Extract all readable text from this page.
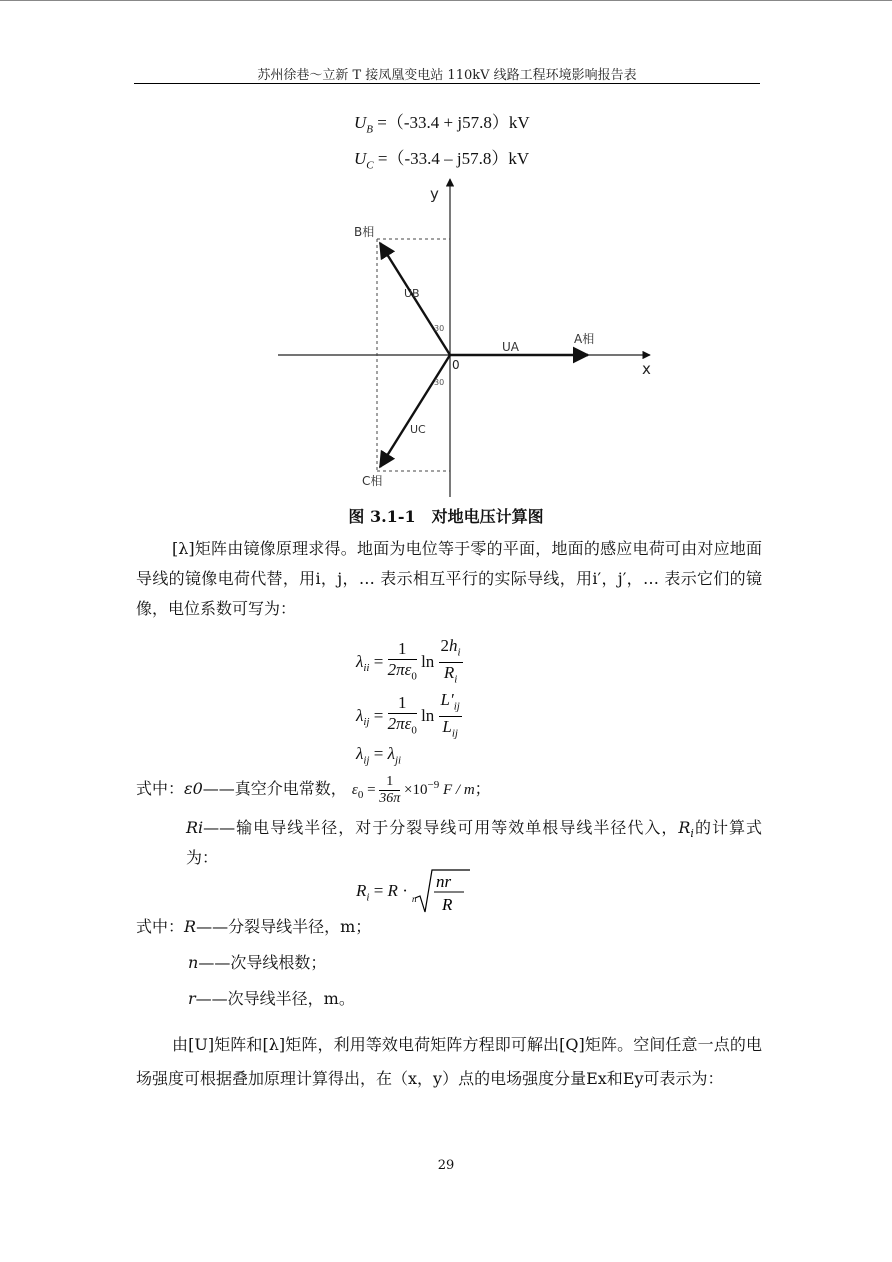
苏州徐巷～立新 T 接凤凰变电站 110kV 线路工程环境影响报告表
$U_B =(-33.4 + j57.8)kV$
$U_C =(-33.4 - j57.8)kV$
y
x
0
B相
C相
A相
UA
UB
UC
30
30
图 3.1-1　对地电压计算图
[λ]矩阵由镜像原理求得。地面为电位等于零的平面，地面的感应电荷可由对应地面导线的镜像电荷代替，用i，j，… 表示相互平行的实际导线，用i′，j′，… 表示它们的镜像，电位系数可写为：
$\lambda_{ii} = \frac{1}{2\pi\varepsilon_0}$ $\ln \frac{2h_i}{R_i}$
$\lambda_{ij} = \frac{1}{2\pi\varepsilon_0}$ $\ln \frac{L'_{ij}}{L_{ij}}$
$\lambda_{ij} = \lambda_{ji}$
式中：ε0——真空介电常数， $\varepsilon_0 = \frac{1}{36\pi} \times 10^{-9}$ F / m；
Ri——输电导线半径，对于分裂导线可用等效单根导线半径代入，$R_i$的计算式为：
$R_i = R \cdot n$
nr
R
式中：R——分裂导线半径，m；
n——次导线根数；
r——次导线半径，m。
由[U]矩阵和[λ]矩阵，利用等效电荷矩阵方程即可解出[Q]矩阵。空间任意一点的电场强度可根据叠加原理计算得出，在（x，y）点的电场强度分量Ex和Ey可表示为：
29
